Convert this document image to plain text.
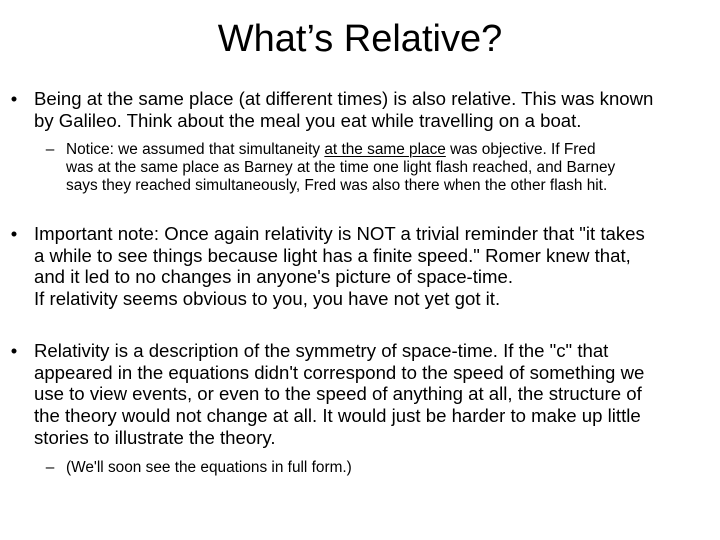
What’s Relative?
• Being at the same place (at different times) is also relative. This was known
by Galileo. Think about the meal you eat while travelling on a boat.
– Notice: we assumed that simultaneity at the same place was objective. If Fred
was at the same place as Barney at the time one light flash reached, and Barney
says they reached simultaneously, Fred was also there when the other flash hit.
• Important note: Once again relativity is NOT a trivial reminder that "it takes
a while to see things because light has a finite speed." Romer knew that,
and it led to no changes in anyone's picture of space-time.
If relativity seems obvious to you, you have not yet got it.
• Relativity is a description of the symmetry of space-time. If the "c" that
appeared in the equations didn't correspond to the speed of something we
use to view events, or even to the speed of anything at all, the structure of
the theory would not change at all. It would just be harder to make up little
stories to illustrate the theory.
– (We'll soon see the equations in full form.)
